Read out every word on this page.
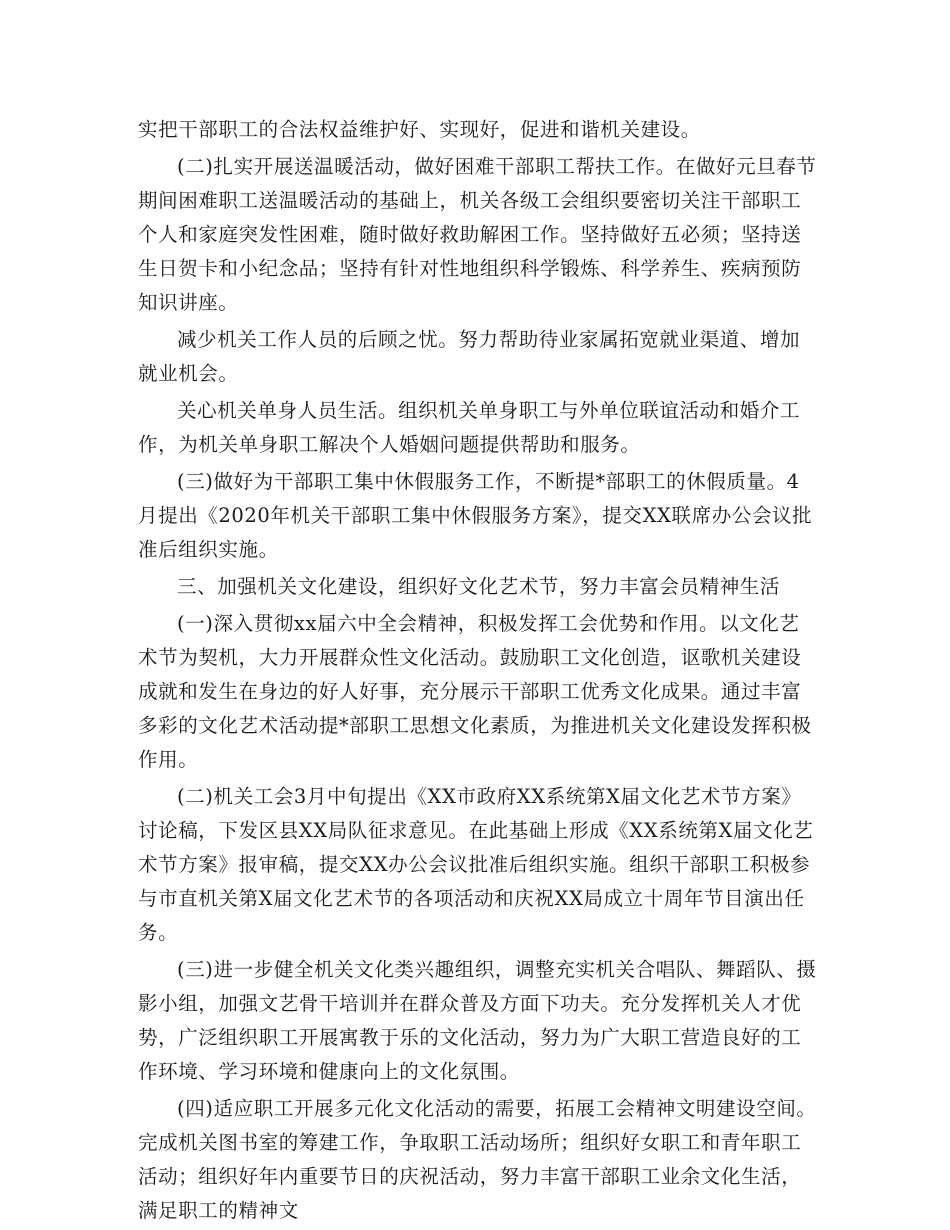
实把干部职工的合法权益维护好、实现好，促进和谐机关建设。

(二)扎实开展送温暖活动，做好困难干部职工帮扶工作。在做好元旦春节期间困难职工送温暖活动的基础上，机关各级工会组织要密切关注干部职工个人和家庭突发性困难，随时做好救助解困工作。坚持做好五必须；坚持送生日贺卡和小纪念品；坚持有针对性地组织科学锻炼、科学养生、疾病预防知识讲座。

减少机关工作人员的后顾之忧。努力帮助待业家属拓宽就业渠道、增加就业机会。

关心机关单身人员生活。组织机关单身职工与外单位联谊活动和婚介工作，为机关单身职工解决个人婚姻问题提供帮助和服务。

(三)做好为干部职工集中休假服务工作，不断提*部职工的休假质量。4月提出《2020年机关干部职工集中休假服务方案》，提交XX联席办公会议批准后组织实施。

三、加强机关文化建设，组织好文化艺术节，努力丰富会员精神生活

(一)深入贯彻xx届六中全会精神，积极发挥工会优势和作用。以文化艺术节为契机，大力开展群众性文化活动。鼓励职工文化创造，讴歌机关建设成就和发生在身边的好人好事，充分展示干部职工优秀文化成果。通过丰富多彩的文化艺术活动提*部职工思想文化素质，为推进机关文化建设发挥积极作用。

(二)机关工会3月中旬提出《XX市政府XX系统第X届文化艺术节方案》讨论稿，下发区县XX局队征求意见。在此基础上形成《XX系统第X届文化艺术节方案》报审稿，提交XX办公会议批准后组织实施。组织干部职工积极参与市直机关第X届文化艺术节的各项活动和庆祝XX局成立十周年节目演出任务。

(三)进一步健全机关文化类兴趣组织，调整充实机关合唱队、舞蹈队、摄影小组，加强文艺骨干培训并在群众普及方面下功夫。充分发挥机关人才优势，广泛组织职工开展寓教于乐的文化活动，努力为广大职工营造良好的工作环境、学习环境和健康向上的文化氛围。

(四)适应职工开展多元化文化活动的需要，拓展工会精神文明建设空间。完成机关图书室的筹建工作，争取职工活动场所；组织好女职工和青年职工活动；组织好年内重要节日的庆祝活动，努力丰富干部职工业余文化生活，满足职工的精神文
